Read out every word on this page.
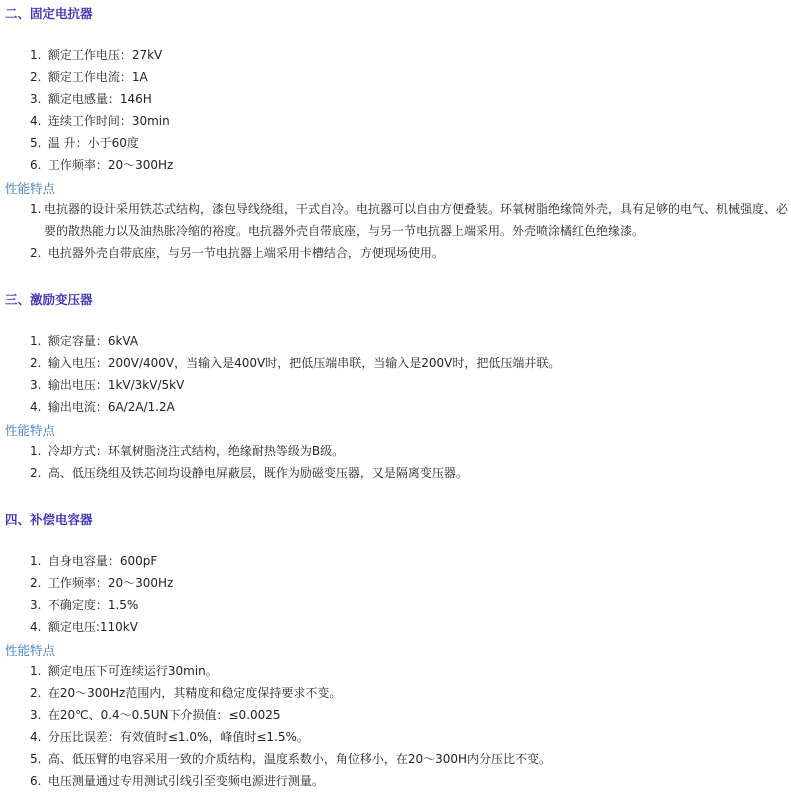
二、固定电抗器
1. 额定工作电压：27kV
2. 额定工作电流：1A
3. 额定电感量：146H
4. 连续工作时间：30min
5. 温 升：小于60度
6. 工作频率：20～300Hz
性能特点
1. 电抗器的设计采用铁芯式结构，漆包导线绕组，干式自冷。电抗器可以自由方便叠装。环氧树脂绝缘筒外壳，具有足够的电气、机械强度、必要的散热能力以及油热胀冷缩的裕度。电抗器外壳自带底座，与另一节电抗器上端采用。外壳喷涂橘红色绝缘漆。
2. 电抗器外壳自带底座，与另一节电抗器上端采用卡槽结合，方便现场使用。
三、激励变压器
1. 额定容量：6kVA
2. 输入电压：200V/400V，当输入是400V时，把低压端串联，当输入是200V时，把低压端并联。
3. 输出电压：1kV/3kV/5kV
4. 输出电流：6A/2A/1.2A
性能特点
1. 冷却方式：环氧树脂浇注式结构，绝缘耐热等级为B级。
2. 高、低压绕组及铁芯间均设静电屏蔽层，既作为励磁变压器，又是隔离变压器。
四、补偿电容器
1. 自身电容量：600pF
2. 工作频率：20～300Hz
3. 不确定度：1.5%
4. 额定电压:110kV
性能特点
1. 额定电压下可连续运行30min。
2. 在20～300Hz范围内，其精度和稳定度保持要求不变。
3. 在20℃、0.4～0.5UN下介损值：≤0.0025
4. 分压比误差：有效值时≤1.0%，峰值时≤1.5%。
5. 高、低压臂的电容采用一致的介质结构，温度系数小，角位移小，在20～300H内分压比不变。
6. 电压测量通过专用测试引线引至变频电源进行测量。
